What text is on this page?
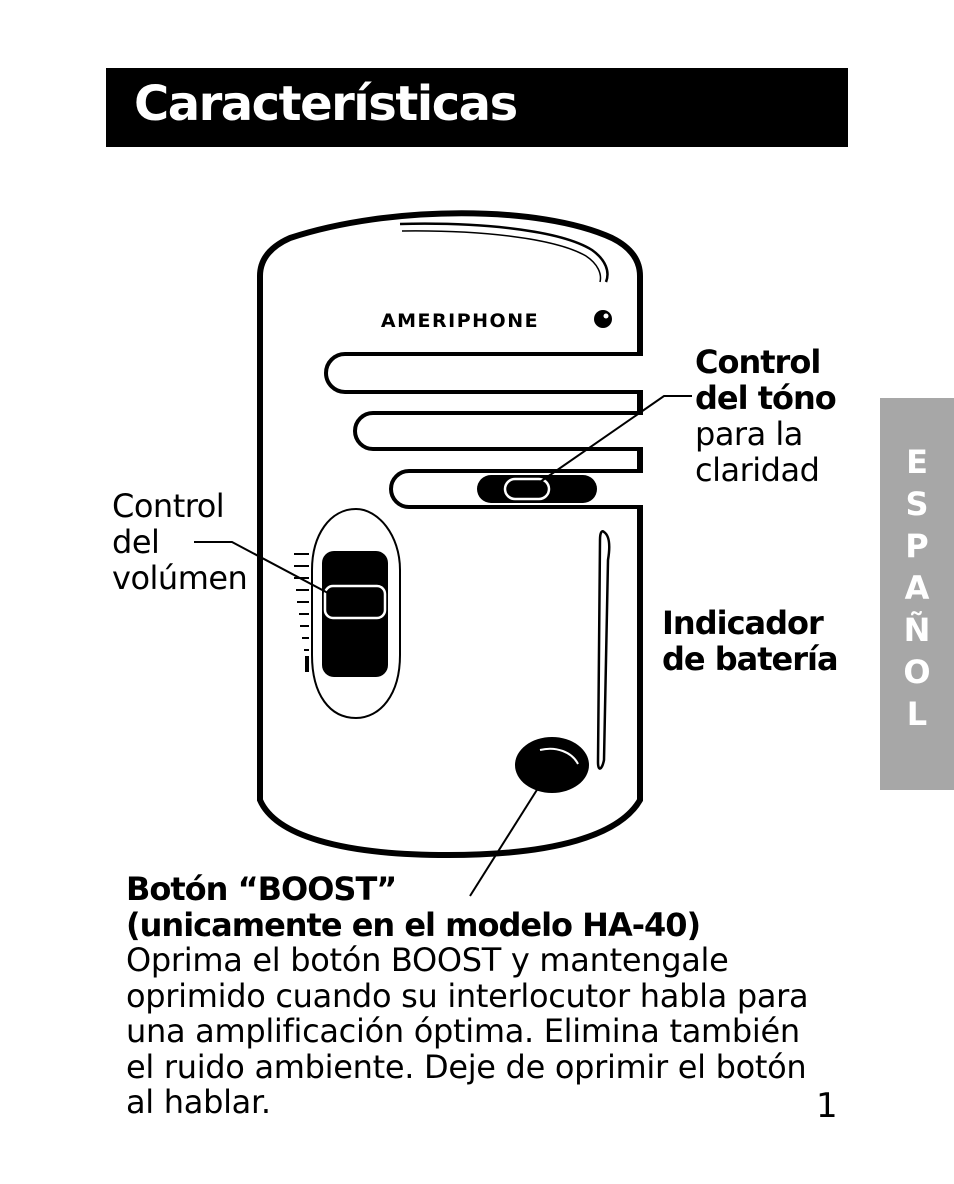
Características
E
S
P
A
Ñ
O
L
AMERIPHONE
Control
del tóno
para la
claridad
Control
del
volúmen
Indicador
de batería
Botón “BOOST”
(unicamente en el modelo HA-40)
Oprima el botón BOOST y mantengale
oprimido cuando su interlocutor habla para
una amplificación óptima. Elimina también
el ruido ambiente. Deje de oprimir el botón
al hablar.	1
